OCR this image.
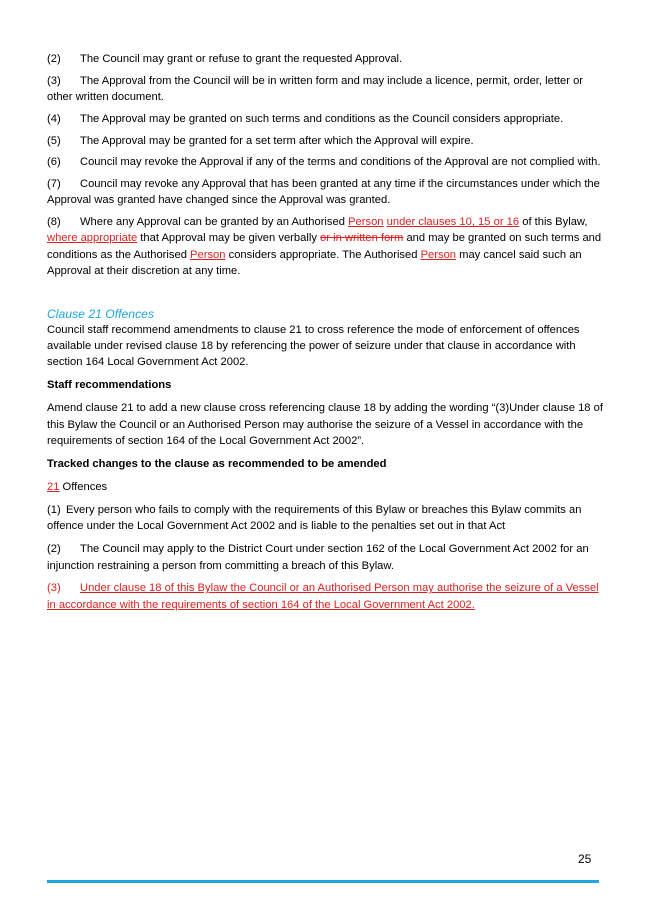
(2) The Council may grant or refuse to grant the requested Approval.

(3) The Approval from the Council will be in written form and may include a licence, permit, order, letter or other written document.

(4) The Approval may be granted on such terms and conditions as the Council considers appropriate.

(5) The Approval may be granted for a set term after which the Approval will expire.

(6) Council may revoke the Approval if any of the terms and conditions of the Approval are not complied with.

(7) Council may revoke any Approval that has been granted at any time if the circumstances under which the Approval was granted have changed since the Approval was granted.

(8) Where any Approval can be granted by an Authorised Person under clauses 10, 15 or 16 of this Bylaw, where appropriate that Approval may be given verbally or in written form and may be granted on such terms and conditions as the Authorised Person considers appropriate. The Authorised Person may cancel said such an Approval at their discretion at any time.

Clause 21 Offences

Council staff recommend amendments to clause 21 to cross reference the mode of enforcement of offences available under revised clause 18 by referencing the power of seizure under that clause in accordance with section 164 Local Government Act 2002.

Staff recommendations

Amend clause 21 to add a new clause cross referencing clause 18 by adding the wording “(3)Under clause 18 of this Bylaw the Council or an Authorised Person may authorise the seizure of a Vessel in accordance with the requirements of section 164 of the Local Government Act 2002”.

Tracked changes to the clause as recommended to be amended

21 Offences

(1) Every person who fails to comply with the requirements of this Bylaw or breaches this Bylaw commits an offence under the Local Government Act 2002 and is liable to the penalties set out in that Act

(2) The Council may apply to the District Court under section 162 of the Local Government Act 2002 for an injunction restraining a person from committing a breach of this Bylaw.

(3) Under clause 18 of this Bylaw the Council or an Authorised Person may authorise the seizure of a Vessel in accordance with the requirements of section 164 of the Local Government Act 2002.

25
